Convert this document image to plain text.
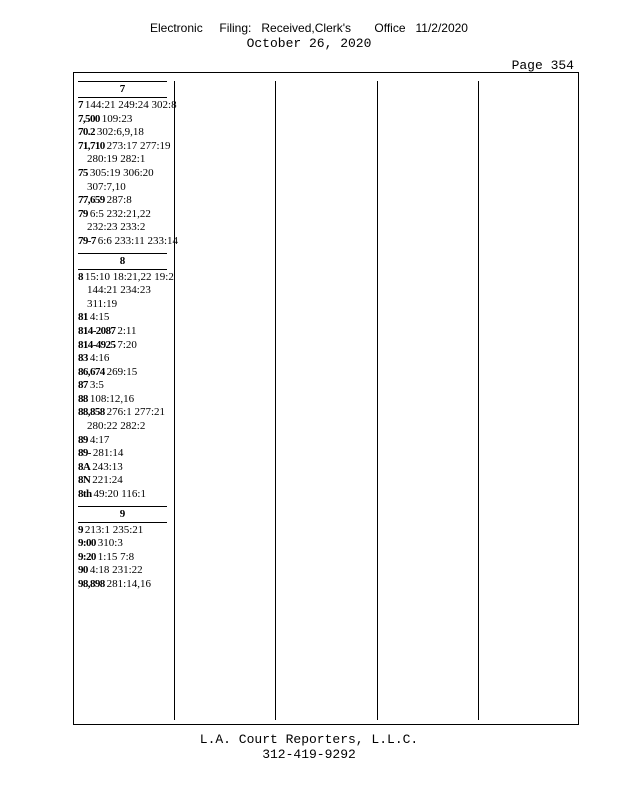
Electronic     Filing:   Received,Clerk's       Office   11/2/2020
October 26, 2020
Page 354
7
7 144:21 249:24 302:8
7,500 109:23
70.2 302:6,9,18
71,710 273:17 277:19 280:19 282:1
75 305:19 306:20 307:7,10
77,659 287:8
79 6:5 232:21,22 232:23 233:2
79-7 6:6 233:11 233:14
8
8 15:10 18:21,22 19:2 144:21 234:23 311:19
81 4:15
814-2087 2:11
814-4925 7:20
83 4:16
86,674 269:15
87 3:5
88 108:12,16
88,858 276:1 277:21 280:22 282:2
89 4:17
89- 281:14
8A 243:13
8N 221:24
8th 49:20 116:1
9
9 213:1 235:21
9:00 310:3
9:20 1:15 7:8
90 4:18 231:22
98,898 281:14,16
L.A. Court Reporters, L.L.C.
312-419-9292
